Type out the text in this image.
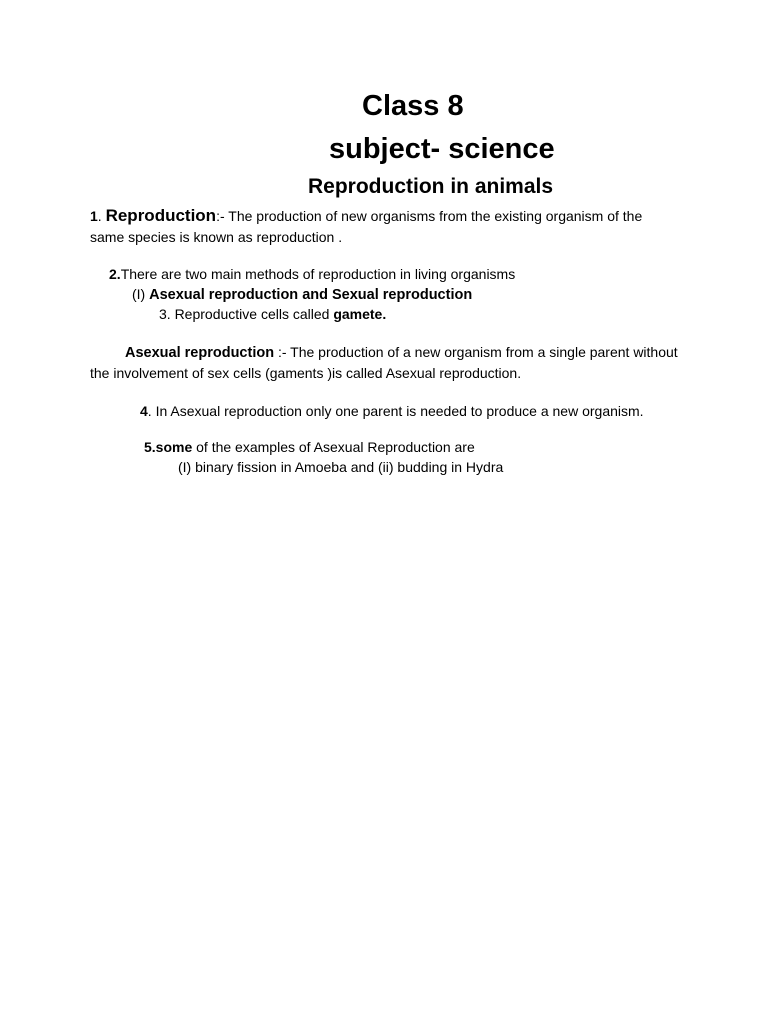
Class 8
subject- science
Reproduction in animals
1. Reproduction:- The production of new organisms from the existing organism of the
same species is known as reproduction .
2.There are two main methods of reproduction in living organisms
(I) Asexual reproduction and Sexual reproduction
3. Reproductive cells called gamete.
Asexual reproduction :- The production of a new organism from a single parent without
the involvement of sex cells (gaments )is called Asexual reproduction.
4. In Asexual reproduction only one parent is needed to produce a new organism.
5.some of the examples of Asexual Reproduction are
(I) binary fission in Amoeba and (ii) budding in Hydra
